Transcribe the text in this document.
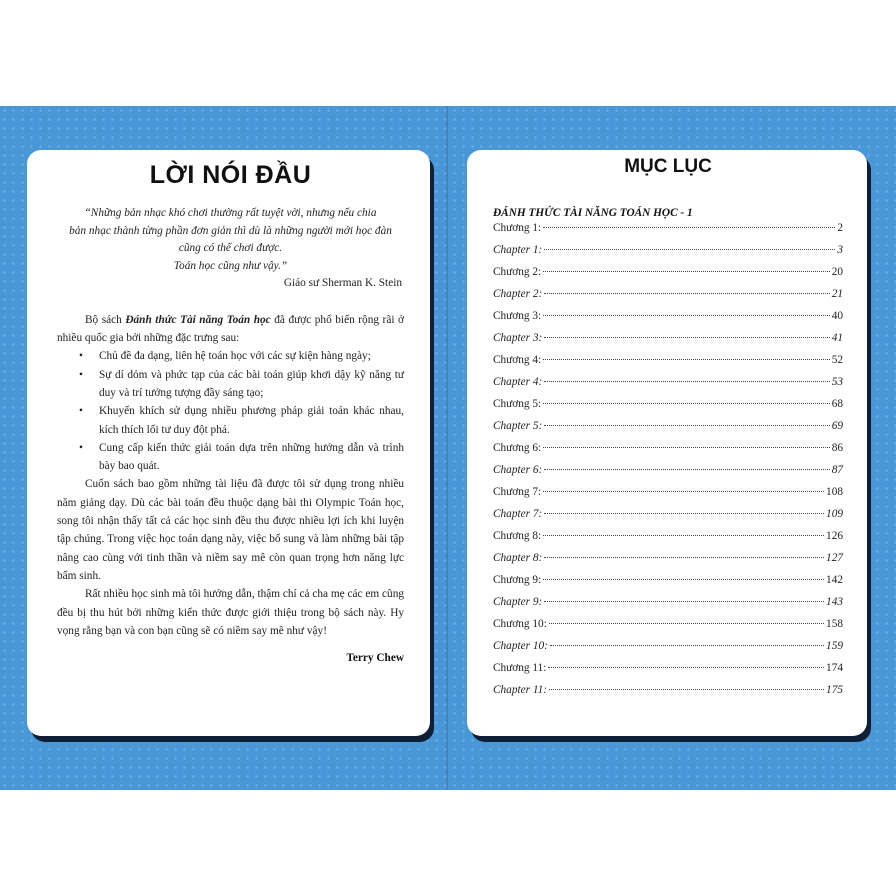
LỜI NÓI ĐẦU
“Những bản nhạc khó chơi thường rất tuyệt vời, nhưng nếu chia
bản nhạc thành từng phần đơn giản thì dù là những người mới học đàn
cũng có thể chơi được.
Toán học cũng như vậy.”
Giáo sư Sherman K. Stein

Bộ sách Đánh thức Tài năng Toán học đã được phổ biến rộng rãi ở nhiều quốc gia bởi những đặc trưng sau:

• Chủ đề đa dạng, liên hệ toán học với các sự kiện hàng ngày;
• Sự dí dỏm và phức tạp của các bài toán giúp khơi dậy kỹ năng tư duy và trí tưởng tượng đầy sáng tạo;
• Khuyến khích sử dụng nhiều phương pháp giải toán khác nhau, kích thích lối tư duy đột phá.
• Cung cấp kiến thức giải toán dựa trên những hướng dẫn và trình bày bao quát.

Cuốn sách bao gồm những tài liệu đã được tôi sử dụng trong nhiều năm giảng dạy. Dù các bài toán đều thuộc dạng bài thi Olympic Toán học, song tôi nhận thấy tất cả các học sinh đều thu được nhiều lợi ích khi luyện tập chúng. Trong việc học toán dạng này, việc bổ sung và làm những bài tập nâng cao cùng với tinh thần và niềm say mê còn quan trọng hơn năng lực bẩm sinh.

Rất nhiều học sinh mà tôi hướng dẫn, thậm chí cả cha mẹ các em cũng đều bị thu hút bởi những kiến thức được giới thiệu trong bộ sách này. Hy vọng rằng bạn và con bạn cũng sẽ có niềm say mê như vậy!

Terry Chew
MỤC LỤC
ĐÁNH THỨC TÀI NĂNG TOÁN HỌC - 1
Chương 1:	2
Chapter 1:	3
Chương 2:	20
Chapter 2:	21
Chương 3:	40
Chapter 3:	41
Chương 4:	52
Chapter 4:	53
Chương 5:	68
Chapter 5:	69
Chương 6:	86
Chapter 6:	87
Chương 7:	108
Chapter 7:	109
Chương 8:	126
Chapter 8:	127
Chương 9:	142
Chapter 9:	143
Chương 10:	158
Chapter 10:	159
Chương 11:	174
Chapter 11:	175
